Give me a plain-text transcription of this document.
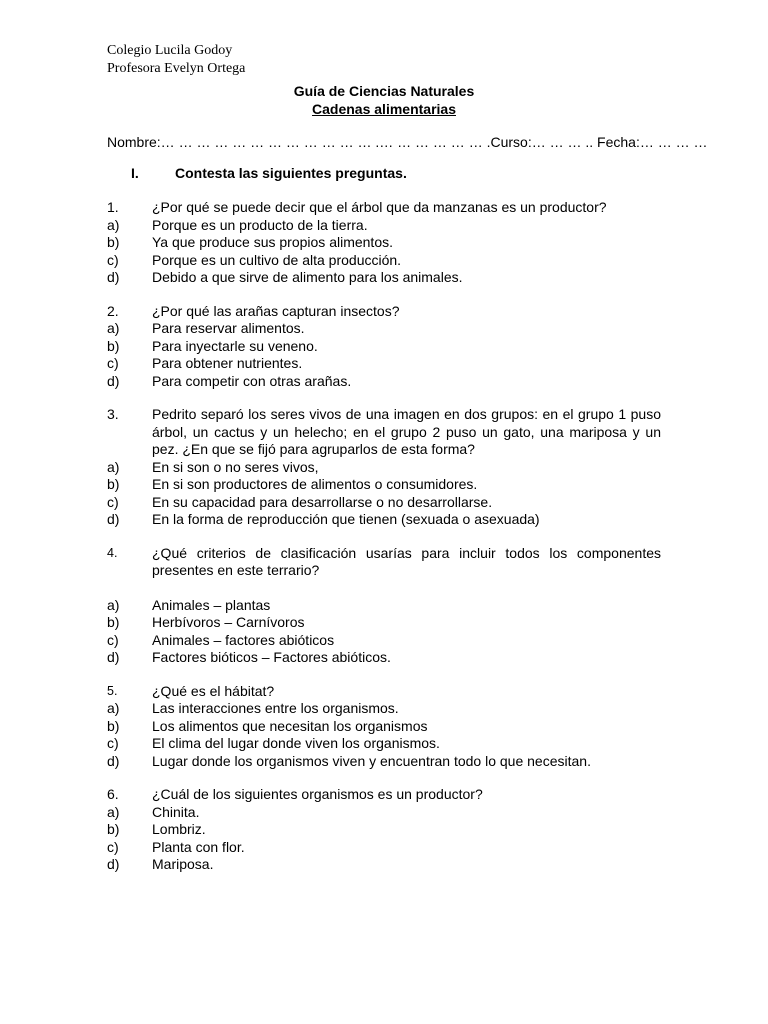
Colegio Lucila Godoy
Profesora Evelyn Ortega
Guía de Ciencias Naturales
Cadenas alimentarias
Nombre:… … … … … … … … … … … … .… … … … … … .Curso:… … … .. Fecha:… … … …
I.	Contesta las siguientes preguntas.
1.	¿Por qué se puede decir que el árbol que da manzanas es un productor?
a)	Porque es un producto de la tierra.
b)	Ya que produce sus propios alimentos.
c)	Porque es un cultivo de alta producción.
d)	Debido a que sirve de alimento para los animales.
2.	¿Por qué las arañas capturan insectos?
a)	Para reservar alimentos.
b)	Para inyectarle su veneno.
c)	Para obtener nutrientes.
d)	Para competir con otras arañas.
3.	Pedrito separó los seres vivos de una imagen en dos grupos: en el grupo 1 puso árbol, un cactus y un helecho; en el grupo 2 puso un gato, una mariposa y un pez. ¿En que se fijó para agruparlos de esta forma?
a)	En si son o no seres vivos,
b)	En si son productores de alimentos o consumidores.
c)	En su capacidad para desarrollarse o no desarrollarse.
d)	En la forma de reproducción que tienen (sexuada o asexuada)
4.	¿Qué criterios de clasificación usarías para incluir todos los componentes presentes en este terrario?
a)	Animales – plantas
b)	Herbívoros – Carnívoros
c)	Animales – factores abióticos
d)	Factores bióticos – Factores abióticos.
5.	¿Qué es el hábitat?
a)	Las interacciones entre los organismos.
b)	Los alimentos que necesitan los organismos
c)	El clima del lugar donde viven los organismos.
d)	Lugar donde los organismos viven y encuentran todo lo que necesitan.
6.	¿Cuál de los siguientes organismos es un productor?
a)	Chinita.
b)	Lombriz.
c)	Planta con flor.
d)	Mariposa.
